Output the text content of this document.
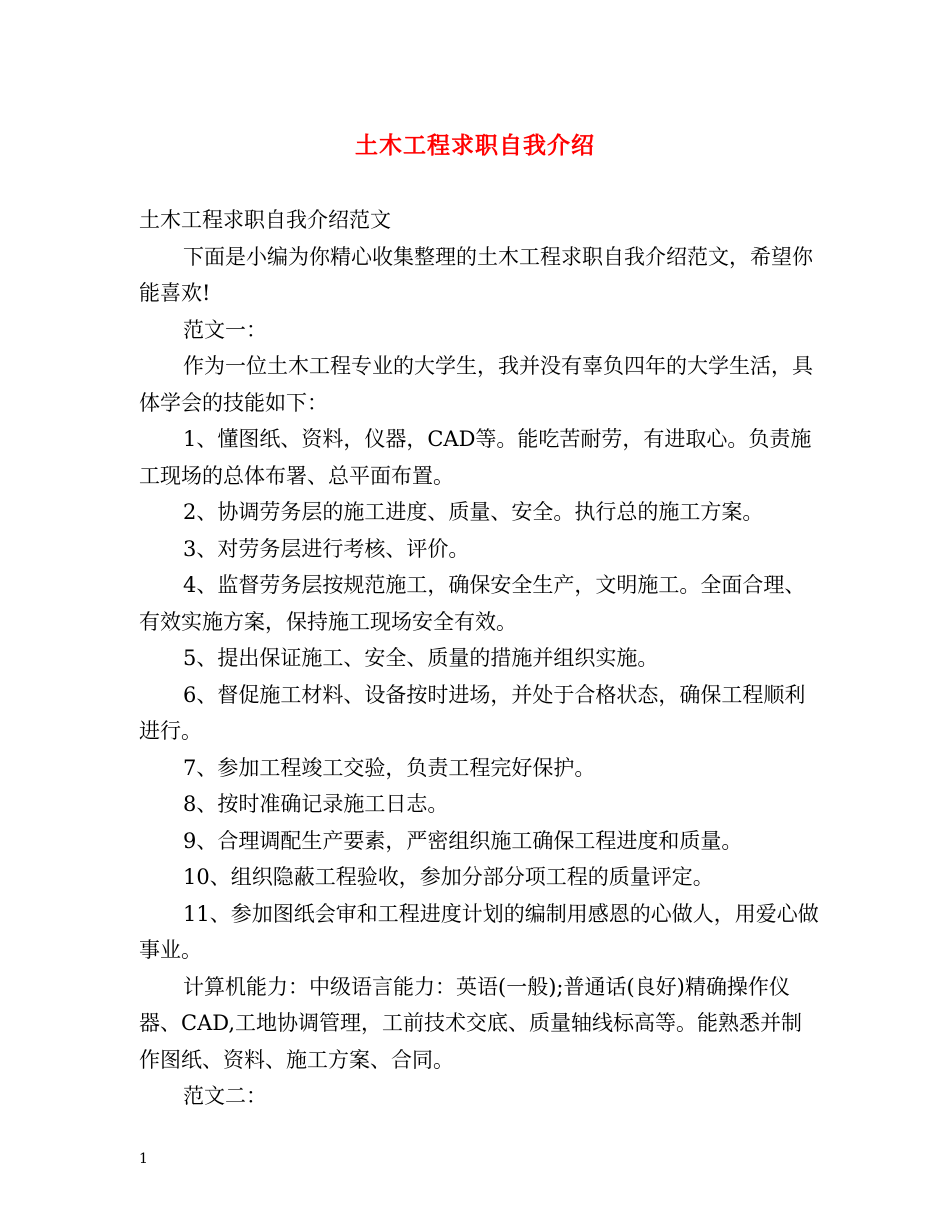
土木工程求职自我介绍

土木工程求职自我介绍范文

下面是小编为你精心收集整理的土木工程求职自我介绍范文，希望你能喜欢!

范文一：

作为一位土木工程专业的大学生，我并没有辜负四年的大学生活，具体学会的技能如下：

1、懂图纸、资料，仪器，CAD等。能吃苦耐劳，有进取心。负责施工现场的总体布署、总平面布置。

2、协调劳务层的施工进度、质量、安全。执行总的施工方案。

3、对劳务层进行考核、评价。

4、监督劳务层按规范施工，确保安全生产，文明施工。全面合理、有效实施方案，保持施工现场安全有效。

5、提出保证施工、安全、质量的措施并组织实施。

6、督促施工材料、设备按时进场，并处于合格状态，确保工程顺利进行。

7、参加工程竣工交验，负责工程完好保护。

8、按时准确记录施工日志。

9、合理调配生产要素，严密组织施工确保工程进度和质量。

10、组织隐蔽工程验收，参加分部分项工程的质量评定。

11、参加图纸会审和工程进度计划的编制用感恩的心做人，用爱心做事业。

计算机能力：中级语言能力：英语(一般);普通话(良好)精确操作仪器、CAD,工地协调管理，工前技术交底、质量轴线标高等。能熟悉并制作图纸、资料、施工方案、合同。

范文二：

1
